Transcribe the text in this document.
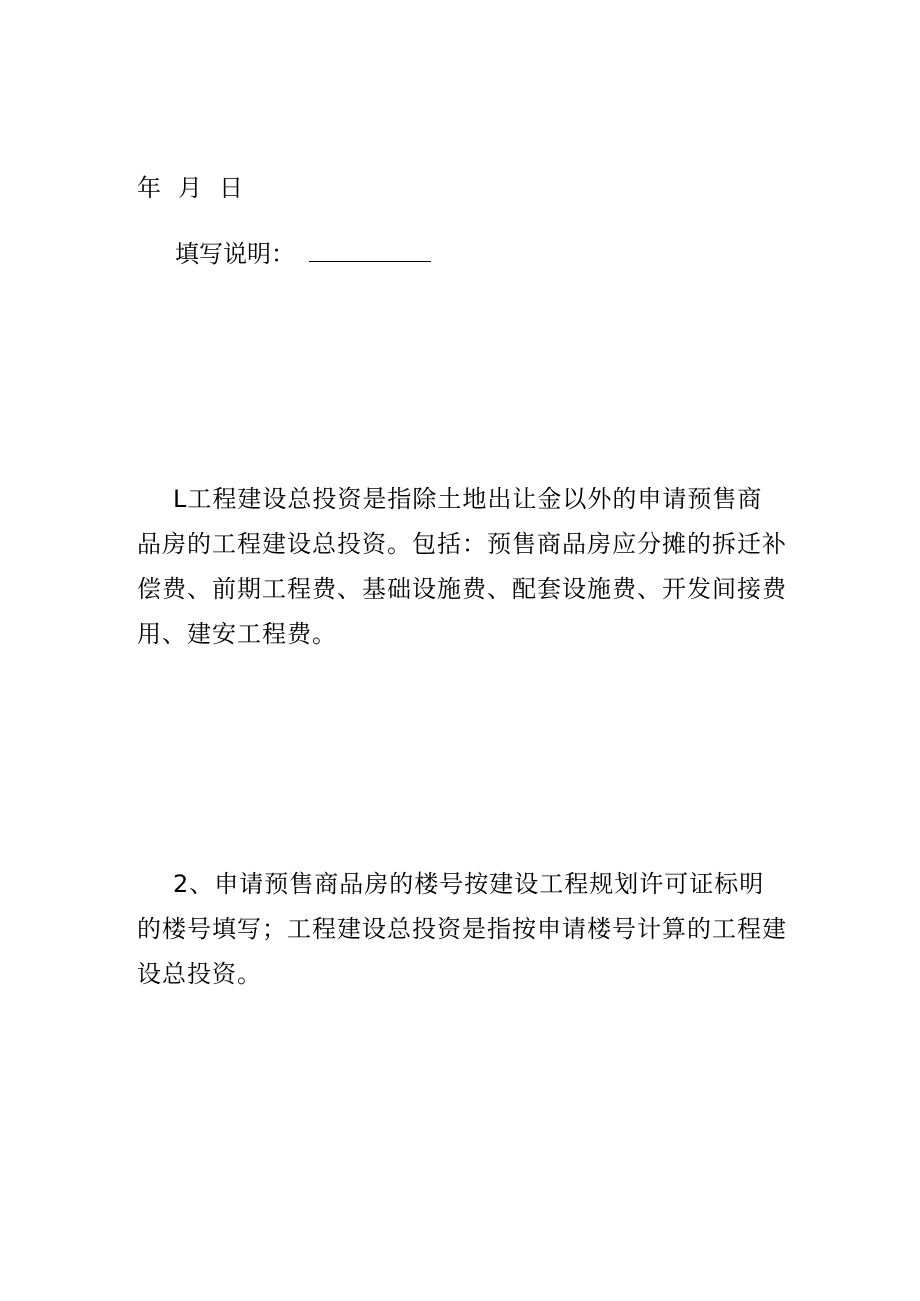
年 月 日
填写说明：

L工程建设总投资是指除土地出让金以外的申请预售商品房的工程建设总投资。包括：预售商品房应分摊的拆迁补偿费、前期工程费、基础设施费、配套设施费、开发间接费用、建安工程费。

2、申请预售商品房的楼号按建设工程规划许可证标明的楼号填写；工程建设总投资是指按申请楼号计算的工程建设总投资。
